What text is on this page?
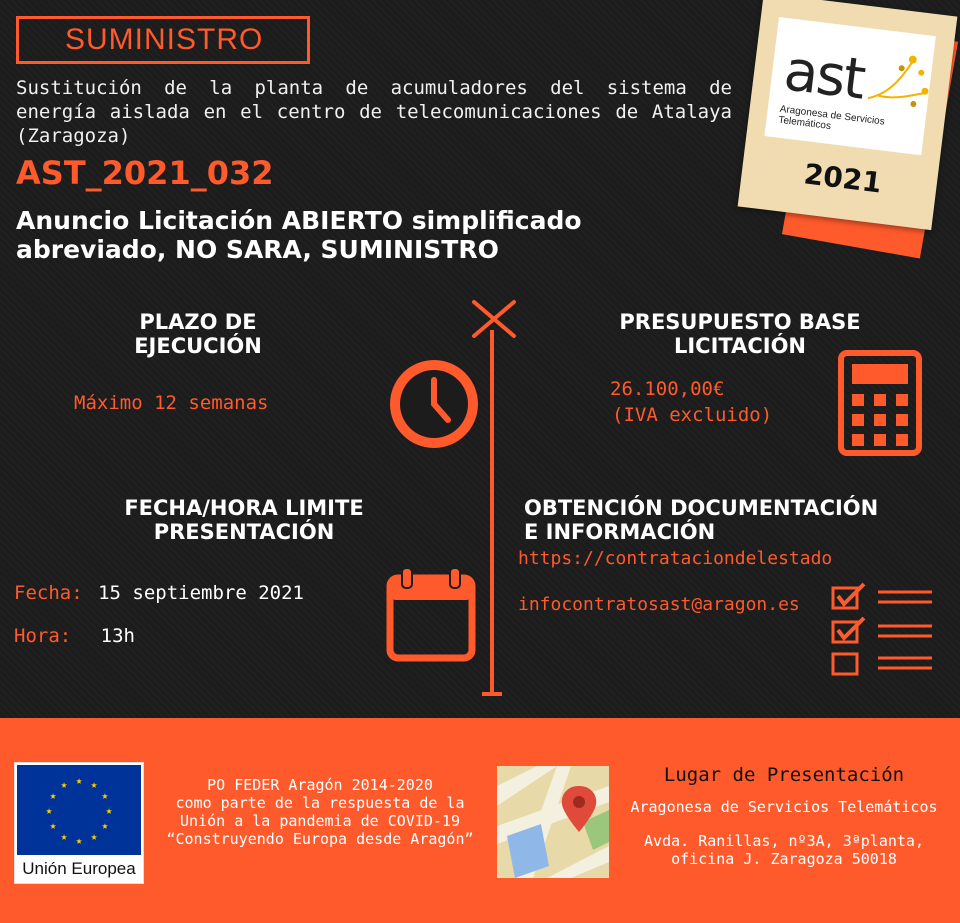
SUMINISTRO
Sustitución de la planta de acumuladores del sistema de energía aislada en el centro de telecomunicaciones de Atalaya (Zaragoza)
AST_2021_032
Anuncio Licitación ABIERTO simplificado abreviado, NO SARA, SUMINISTRO
ast
Aragonesa de Servicios Telemáticos
2021
PLAZO DE
EJECUCIÓN
Máximo 12 semanas
PRESUPUESTO BASE
LICITACIÓN
26.100,00€
(IVA excluido)
FECHA/HORA LIMITE
PRESENTACIÓN
Fecha: 15 septiembre 2021
Hora: 13h
OBTENCIÓN DOCUMENTACIÓN
E INFORMACIÓN
https://contrataciondelestado
infocontratosast@aragon.es
★ ★
★
★
★
★
★
★
★
★
★
★
Unión Europea
PO FEDER Aragón 2014-2020
como parte de la respuesta de la
Unión a la pandemia de COVID-19
“Construyendo Europa desde Aragón”
Lugar de Presentación
Aragonesa de Servicios Telemáticos
Avda. Ranillas, nº3A, 3ªplanta,
oficina J. Zaragoza 50018
